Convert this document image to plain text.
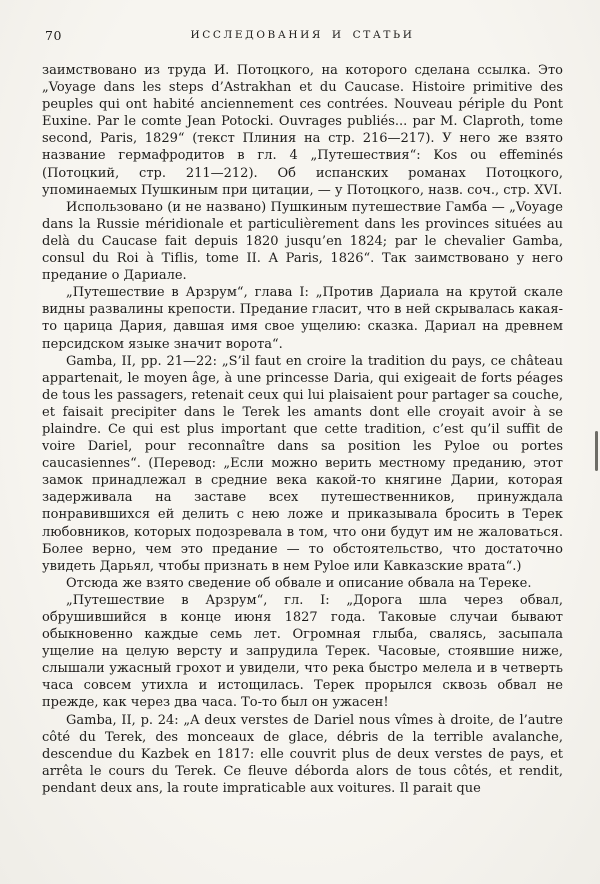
70	ИССЛЕДОВАНИЯ И СТАТЬИ

заимствовано из труда И. Потоцкого, на которого сделана ссылка. Это „Voyage dans les steps d’Astrakhan et du Caucase. Histoire primitive des peuples qui ont habité anciennement ces contrées. Nouveau périple du Pont Euxine. Par le comte Jean Potocki. Ouvrages publiés... par M. Claproth, tome second, Paris, 1829“ (текст Плиния на стр. 216—217). У него же взято название гермафродитов в гл. 4 „Путешествия“: Kos ou effeminés (Потоцкий, стр. 211—212). Об испанских романах Потоцкого, упоминаемых Пушкиным при цитации, — у Потоцкого, назв. соч., стр. XVI.

Использовано (и не названо) Пушкиным путешествие Гамба — „Voyage dans la Russie méridionale et particulièrement dans les provinces situées au delà du Caucase fait depuis 1820 jusqu’en 1824; par le chevalier Gamba, consul du Roi à Tiflis, tome II. A Paris, 1826“. Так заимствовано у него предание о Дариале.

„Путешествие в Арзрум“, глава I: „Против Дариала на крутой скале видны развалины крепости. Предание гласит, что в ней скрывалась какая-то царица Дария, давшая имя свое ущелию: сказка. Дариал на древнем персидском языке значит ворота“.

Gamba, II, pp. 21—22: „S’il faut en croire la tradition du pays, ce château appartenait, le moyen âge, à une princesse Daria, qui exigeait de forts péages de tous les passagers, retenait ceux qui lui plaisaient pour partager sa couche, et faisait precipiter dans le Terek les amants dont elle croyait avoir à se plaindre. Ce qui est plus important que cette tradition, c’est qu’il suffit de voire Dariel, pour reconnaître dans sa position les Pyloe ou portes caucasiennes“. (Перевод: „Если можно верить местному преданию, этот замок принадлежал в средние века какой-то княгине Дарии, которая задерживала на заставе всех путешественников, принуждала понравившихся ей делить с нею ложе и приказывала бросить в Терек любовников, которых подозревала в том, что они будут им не жаловаться. Более верно, чем это предание — то обстоятельство, что достаточно увидеть Дарьял, чтобы признать в нем Pyloe или Кавказские врата“.)

Отсюда же взято сведение об обвале и описание обвала на Тереке.

„Путешествие в Арзрум“, гл. I: „Дорога шла через обвал, обрушившийся в конце июня 1827 года. Таковые случаи бывают обыкновенно каждые семь лет. Огромная глыба, свалясь, засыпала ущелие на целую версту и запрудила Терек. Часовые, стоявшие ниже, слышали ужасный грохот и увидели, что река быстро мелела и в четверть часа совсем утихла и истощилась. Терек прорылся сквозь обвал не прежде, как через два часа. То-то был он ужасен!

Gamba, II, p. 24: „A deux verstes de Dariel nous vîmes à droite, de l’autre côté du Terek, des monceaux de glace, débris de la terrible avalanche, descendue du Kazbek en 1817: elle couvrit plus de deux verstes de pays, et arrêta le cours du Terek. Ce fleuve déborda alors de tous côtés, et rendit, pendant deux ans, la route impraticable aux voitures. Il parait que
